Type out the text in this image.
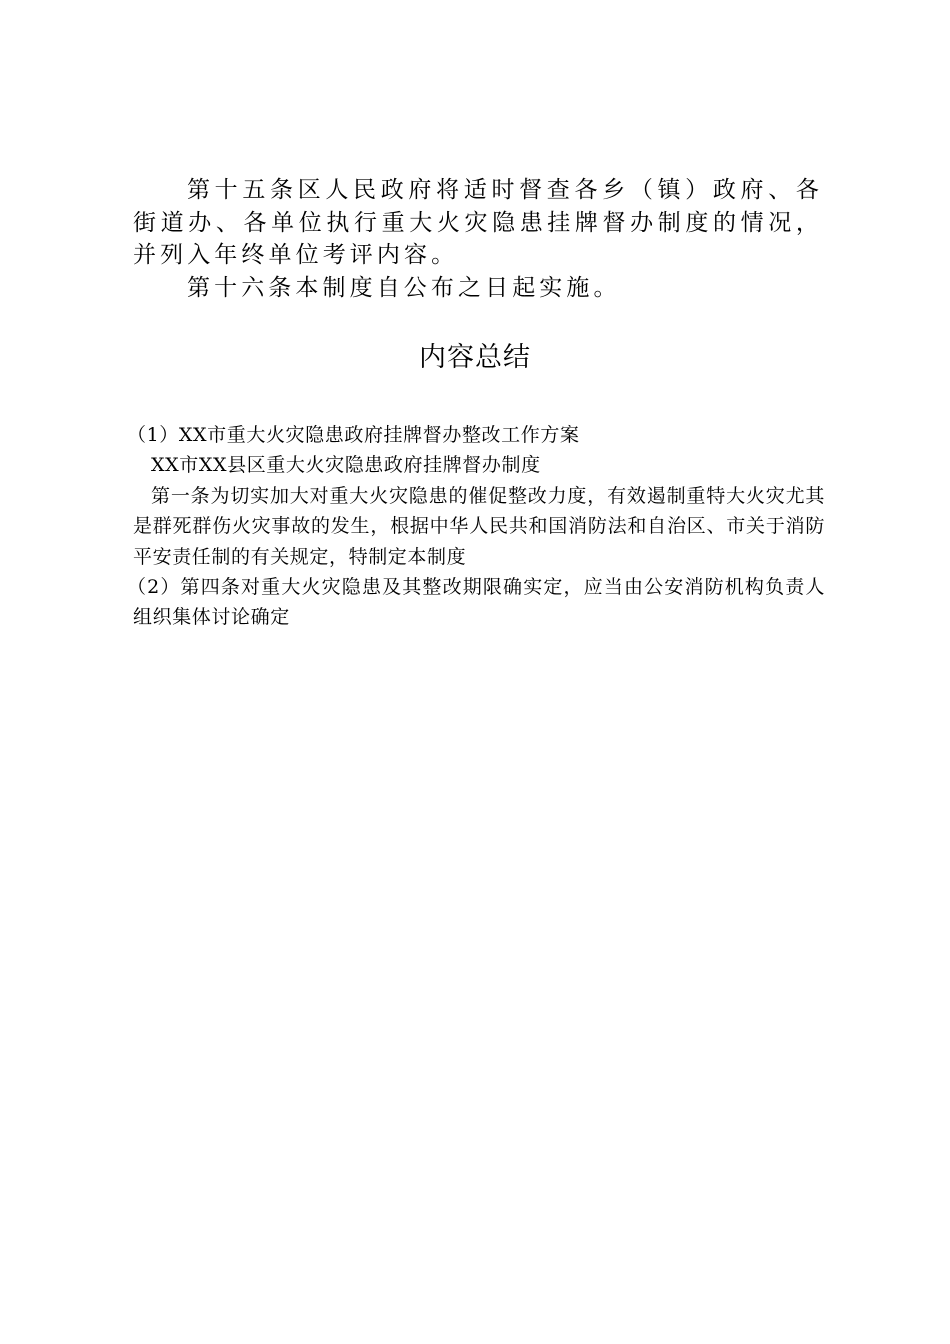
第十五条区人民政府将适时督查各乡（镇）政府、各街道办、各单位执行重大火灾隐患挂牌督办制度的情况，并列入年终单位考评内容。

第十六条本制度自公布之日起实施。

内容总结

（1）XX市重大火灾隐患政府挂牌督办整改工作方案

XX市XX县区重大火灾隐患政府挂牌督办制度

第一条为切实加大对重大火灾隐患的催促整改力度，有效遏制重特大火灾尤其是群死群伤火灾事故的发生，根据中华人民共和国消防法和自治区、市关于消防平安责任制的有关规定，特制定本制度

（2）第四条对重大火灾隐患及其整改期限确实定，应当由公安消防机构负责人组织集体讨论确定
